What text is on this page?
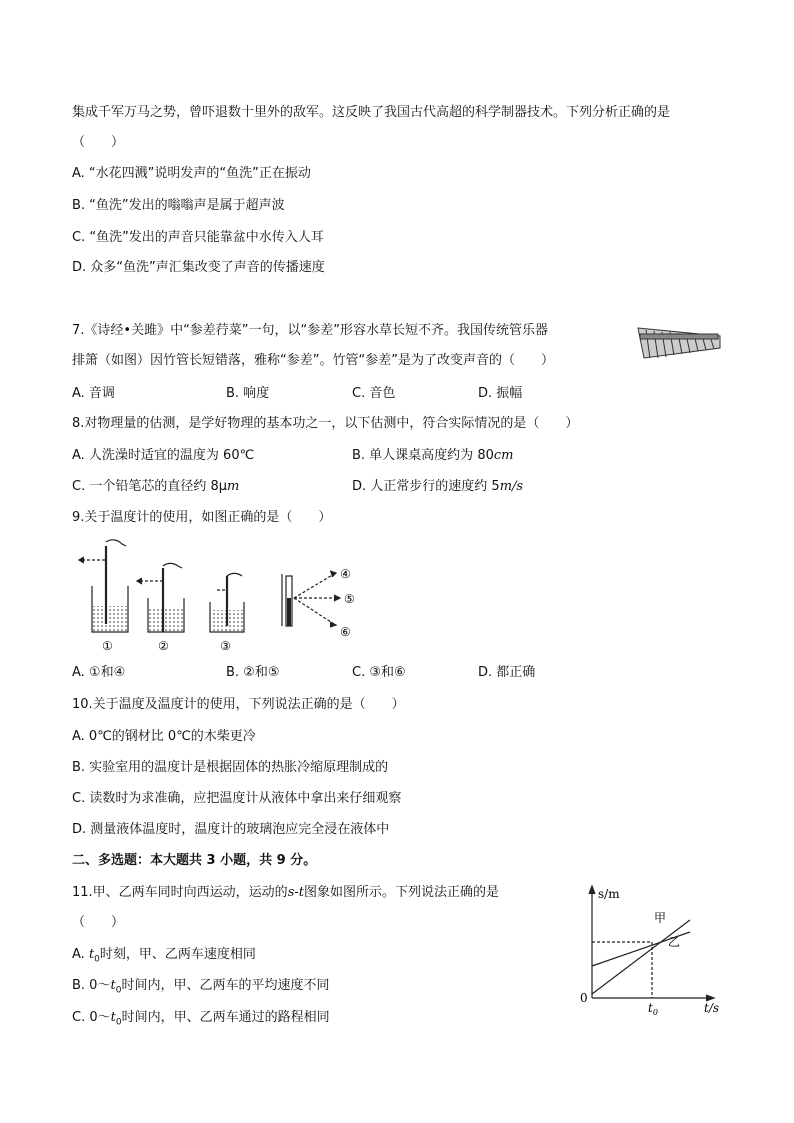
集成千军万马之势，曾吓退数十里外的敌军。这反映了我国古代高超的科学制器技术。下列分析正确的是
（　　）
A. “水花四溅”说明发声的“鱼洗”正在振动
B. “鱼洗”发出的嗡嗡声是属于超声波
C. “鱼洗”发出的声音只能靠盆中水传入人耳
D. 众多“鱼洗”声汇集改变了声音的传播速度
7.《诗经•关雎》中“参差荇菜”一句，以“参差”形容水草长短不齐。我国传统管乐器
排箫（如图）因竹管长短错落，雅称“参差”。竹管“参差”是为了改变声音的（　　）
A. 音调	B. 响度	C. 音色	D. 振幅
8.对物理量的估测，是学好物理的基本功之一，以下估测中，符合实际情况的是（　　）
A. 人洗澡时适宜的温度为 60℃	B. 单人课桌高度约为 80cm
C. 一个铅笔芯的直径约 8μm	D. 人正常步行的速度约 5m/s
9.关于温度计的使用，如图正确的是（　　）
①	②	③
④
⑤
⑥
A. ①和④	B. ②和⑤	C. ③和⑥	D. 都正确
10.关于温度及温度计的使用，下列说法正确的是（　　）
A. 0℃的钢材比 0℃的木柴更冷
B. 实验室用的温度计是根据固体的热胀冷缩原理制成的
C. 读数时为求准确，应把温度计从液体中拿出来仔细观察
D. 测量液体温度时，温度计的玻璃泡应完全浸在液体中
二、多选题：本大题共 3 小题，共 9 分。
11.甲、乙两车同时向西运动，运动的s-t图象如图所示。下列说法正确的是
（　　）
A. $t_0$时刻，甲、乙两车速度相同
B. $0\sim t_0$时间内，甲、乙两车的平均速度不同
C. $0\sim t_0$时间内，甲、乙两车通过的路程相同
s/m
t/s
0
$t_0$
甲
乙
